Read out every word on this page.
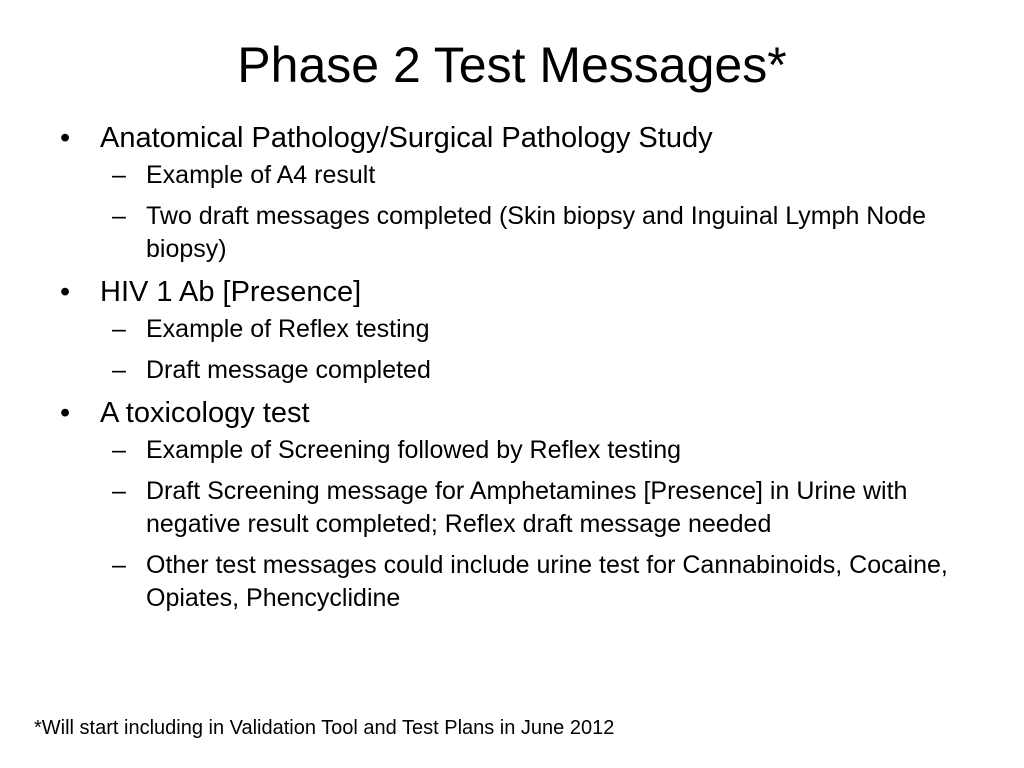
Phase 2 Test Messages*
•	Anatomical Pathology/Surgical Pathology Study
– Example of A4 result
– Two draft messages completed (Skin biopsy and Inguinal Lymph Node biopsy)
•	HIV 1 Ab [Presence]
– Example of Reflex testing
– Draft message completed
•	A toxicology test
– Example of Screening followed by Reflex testing
– Draft Screening message for Amphetamines [Presence] in Urine with negative result completed; Reflex draft message needed
– Other test messages could include urine test for Cannabinoids, Cocaine, Opiates, Phencyclidine

*Will start including in Validation Tool and Test Plans in June 2012
